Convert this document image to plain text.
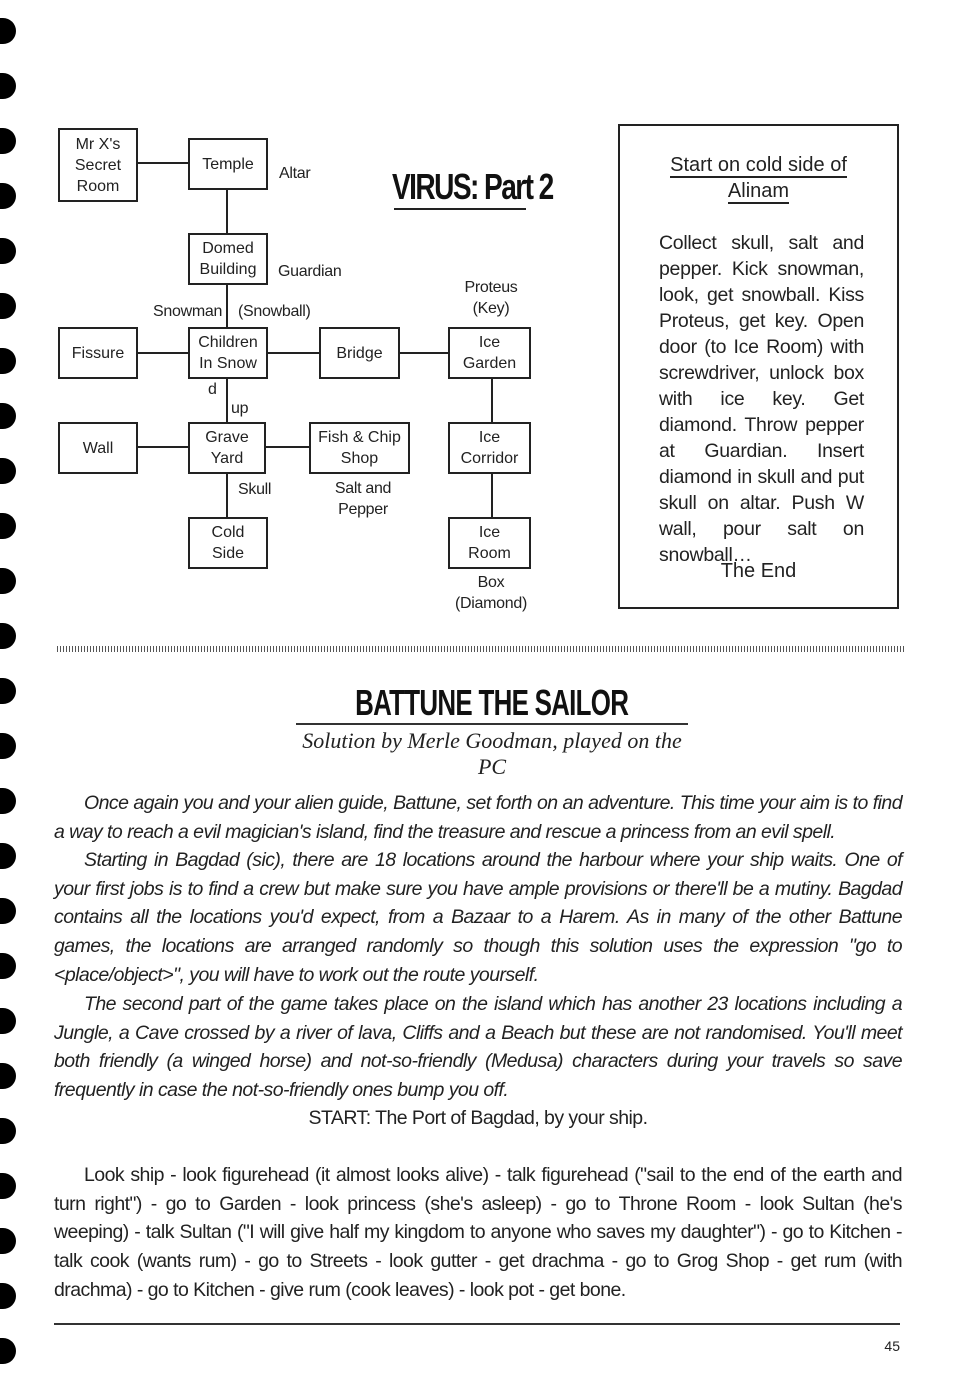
Mr X's
Secret
Room
Temple
Domed
Building
Fissure
Children
In Snow
Bridge
Ice
Garden
Wall
Grave
Yard
Fish & Chip
Shop
Ice
Corridor
Cold
Side
Ice
Room
Altar
Guardian
Snowman (Snowball)
Proteus
(Key)
d
up
Skull	Salt and
Pepper
Box
(Diamond)
VIRUS: Part 2
Start on cold side of
Alinam
Collect skull, salt and pepper. Kick snowman, look, get snowball. Kiss Proteus, get key. Open door (to Ice Room) with screwdriver, unlock box with ice key. Get diamond. Throw pepper at Guardian. Insert diamond in skull and put skull on altar. Push W wall, pour salt on snowball…
The End
BATTUNE THE SAILOR
Solution by Merle Goodman, played on the PC
Once again you and your alien guide, Battune, set forth on an adventure. This time your aim is to find a way to reach a evil magician's island, find the treasure and rescue a princess from an evil spell.
Starting in Bagdad (sic), there are 18 locations around the harbour where your ship waits. One of your first jobs is to find a crew but make sure you have ample provisions or there'll be a mutiny. Bagdad contains all the locations you'd expect, from a Bazaar to a Harem. As in many of the other Battune games, the locations are arranged randomly so though this solution uses the expression "go to <place/object>", you will have to work out the route yourself.
The second part of the game takes place on the island which has another 23 locations including a Jungle, a Cave crossed by a river of lava, Cliffs and a Beach but these are not randomised. You'll meet both friendly (a winged horse) and not-so-friendly (Medusa) characters during your travels so save frequently in case the not-so-friendly ones bump you off.
START: The Port of Bagdad, by your ship.
Look ship - look figurehead (it almost looks alive) - talk figurehead ("sail to the end of the earth and turn right") - go to Garden - look princess (she's asleep) - go to Throne Room - look Sultan (he's weeping) - talk Sultan ("I will give half my kingdom to anyone who saves my daughter") - go to Kitchen - talk cook (wants rum) - go to Streets - look gutter - get drachma - go to Grog Shop - get rum (with drachma) - go to Kitchen - give rum (cook leaves) - look pot - get bone.
45
